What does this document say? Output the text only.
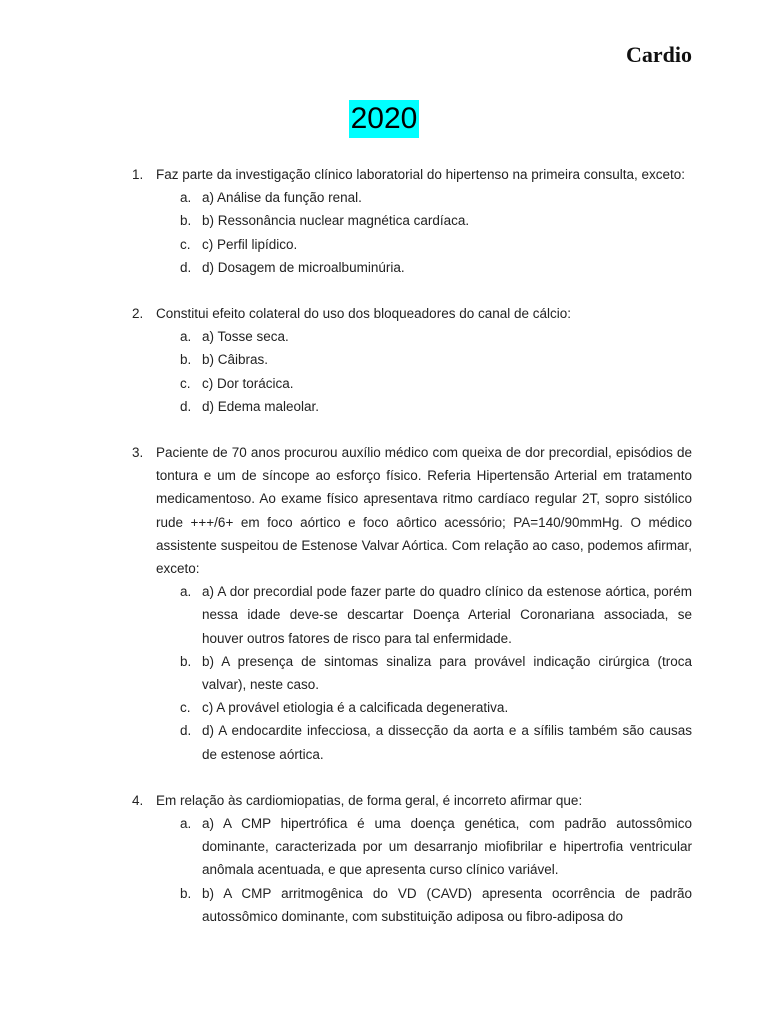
Cardio
2020
1. Faz parte da investigação clínico laboratorial do hipertenso na primeira consulta, exceto:
a. a) Análise da função renal.
b. b) Ressonância nuclear magnética cardíaca.
c. c) Perfil lipídico.
d. d) Dosagem de microalbuminúria.
2. Constitui efeito colateral do uso dos bloqueadores do canal de cálcio:
a. a) Tosse seca.
b. b) Câibras.
c. c) Dor torácica.
d. d) Edema maleolar.
3. Paciente de 70 anos procurou auxílio médico com queixa de dor precordial, episódios de tontura e um de síncope ao esforço físico. Referia Hipertensão Arterial em tratamento medicamentoso. Ao exame físico apresentava ritmo cardíaco regular 2T, sopro sistólico rude +++/6+ em foco aórtico e foco aôrtico acessório; PA=140/90mmHg. O médico assistente suspeitou de Estenose Valvar Aórtica. Com relação ao caso, podemos afirmar, exceto:
a. a) A dor precordial pode fazer parte do quadro clínico da estenose aórtica, porém nessa idade deve-se descartar Doença Arterial Coronariana associada, se houver outros fatores de risco para tal enfermidade.
b. b) A presença de sintomas sinaliza para provável indicação cirúrgica (troca valvar), neste caso.
c. c) A provável etiologia é a calcificada degenerativa.
d. d) A endocardite infecciosa, a dissecção da aorta e a sífilis também são causas de estenose aórtica.
4. Em relação às cardiomiopatias, de forma geral, é incorreto afirmar que:
a. a) A CMP hipertrófica é uma doença genética, com padrão autossômico dominante, caracterizada por um desarranjo miofibrilar e hipertrofia ventricular anômala acentuada, e que apresenta curso clínico variável.
b. b) A CMP arritmogênica do VD (CAVD) apresenta ocorrência de padrão autossômico dominante, com substituição adiposa ou fibro-adiposa do
